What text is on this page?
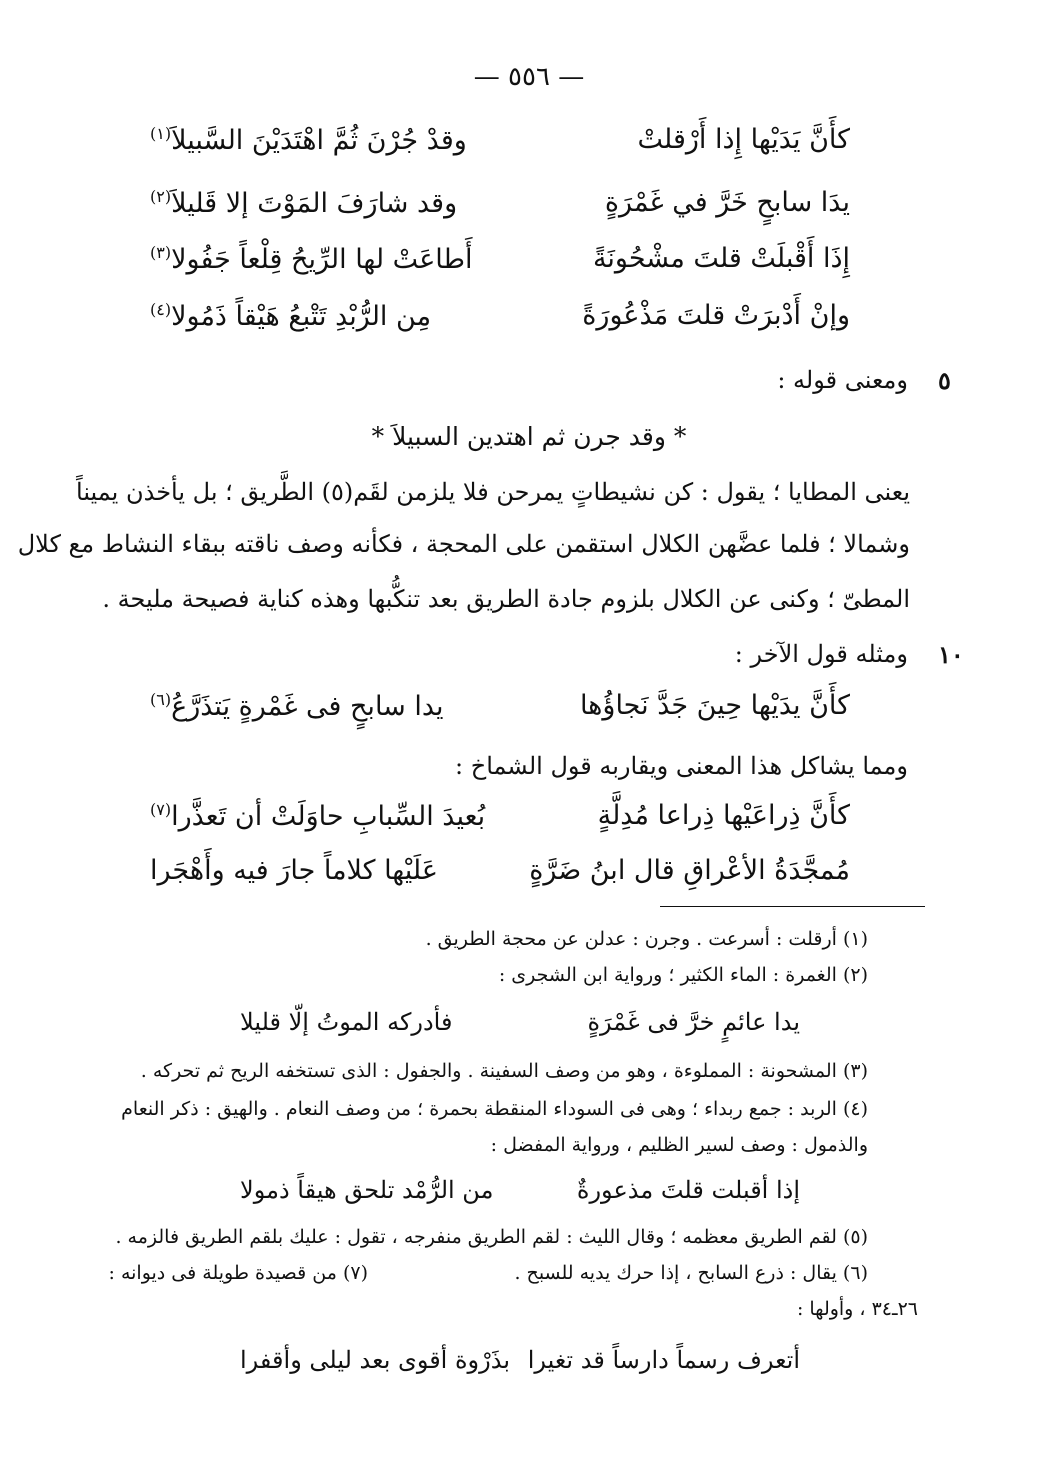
— ٥٥٦ —
كأَنَّ يَدَيْها إِذا أَرْقلتْ
وقدْ جُرْنَ ثُمَّ اهْتَدَيْنَ السَّبيلاَ$^{(١)}$
يدَا سابحٍ خَرَّ في غَمْرَةٍ
وقد شارَفَ المَوْتَ إلا قَليلاَ$^{(٢)}$
إِذَا أَقْبلَتْ قلتَ مشْحُونَةً
أَطاعَتْ لها الرِّيحُ قِلْعاً جَفُولا$^{(٣)}$
وإنْ أَدْبرَتْ قلتَ مَذْعُورَةً
مِن الرُّبْدِ تَتْبعُ هَيْقاً ذَمُولا$^{(٤)}$
٥
ومعنى قوله :
* وقد جرن ثم اهتدين السبيلاَ *
يعنى المطايا ؛ يقول : كن نشيطاتٍ يمرحن فلا يلزمن لقَم(٥) الطَّريق ؛ بل يأخذن يميناً
وشمالا ؛ فلما عضَّهن الكلال استقمن على المحجة ، فكأنه وصف ناقته ببقاء النشاط مع كلال
المطىّ ؛ وكنى عن الكلال بلزوم جادة الطريق بعد تنكُّبها وهذه كناية فصيحة مليحة .
١٠
ومثله قول الآخر :
كأَنَّ يدَيْها حِينَ جَدَّ نَجاؤُها
يدا سابحٍ فى غَمْرةٍ يَتذَرَّعُ$^{(٦)}$
ومما يشاكل هذا المعنى ويقاربه قول الشماخ :
كأَنَّ ذِراعَيْها ذِراعا مُدِلَّةٍ
بُعيدَ السِّبابِ حاوَلَتْ أن تَعذَّرا$^{(٧)}$
مُمجَّدَةُ الأعْراقِ قال ابنُ ضَرَّةٍ
عَلَيْها كلاماً جارَ فيه وأَهْجَرا
(١) أرقلت : أسرعت . وجرن : عدلن عن محجة الطريق .
(٢) الغمرة : الماء الكثير ؛ ورواية ابن الشجرى :
يدا عائمٍ خرَّ فى غَمْرَةٍ
فأدركه الموتُ إلّا قليلا
(٣) المشحونة : المملوءة ، وهو من وصف السفينة . والجفول : الذى تستخفه الريح ثم تحركه .
(٤) الربد : جمع ربداء ؛ وهى فى السوداء المنقطة بحمرة ؛ من وصف النعام . والهيق : ذكر النعام
والذمول : وصف لسير الظليم ، ورواية المفضل :
إذا أقبلت قلتَ مذعورةٌ
من الرُّمْد تلحق هيقاً ذمولا
(٥) لقم الطريق معظمه ؛ وقال الليث : لقم الطريق منفرجه ، تقول : عليك بلقم الطريق فالزمه .
(٦) يقال : ذرع السابح ، إذا حرك يديه للسبح .
(٧) من قصيدة طويلة فى ديوانه :
٢٦ـ٣٤ ، وأولها :
أتعرف رسماً دارساً قد تغيرا
بذَرْوة أقوى بعد ليلى وأقفرا
